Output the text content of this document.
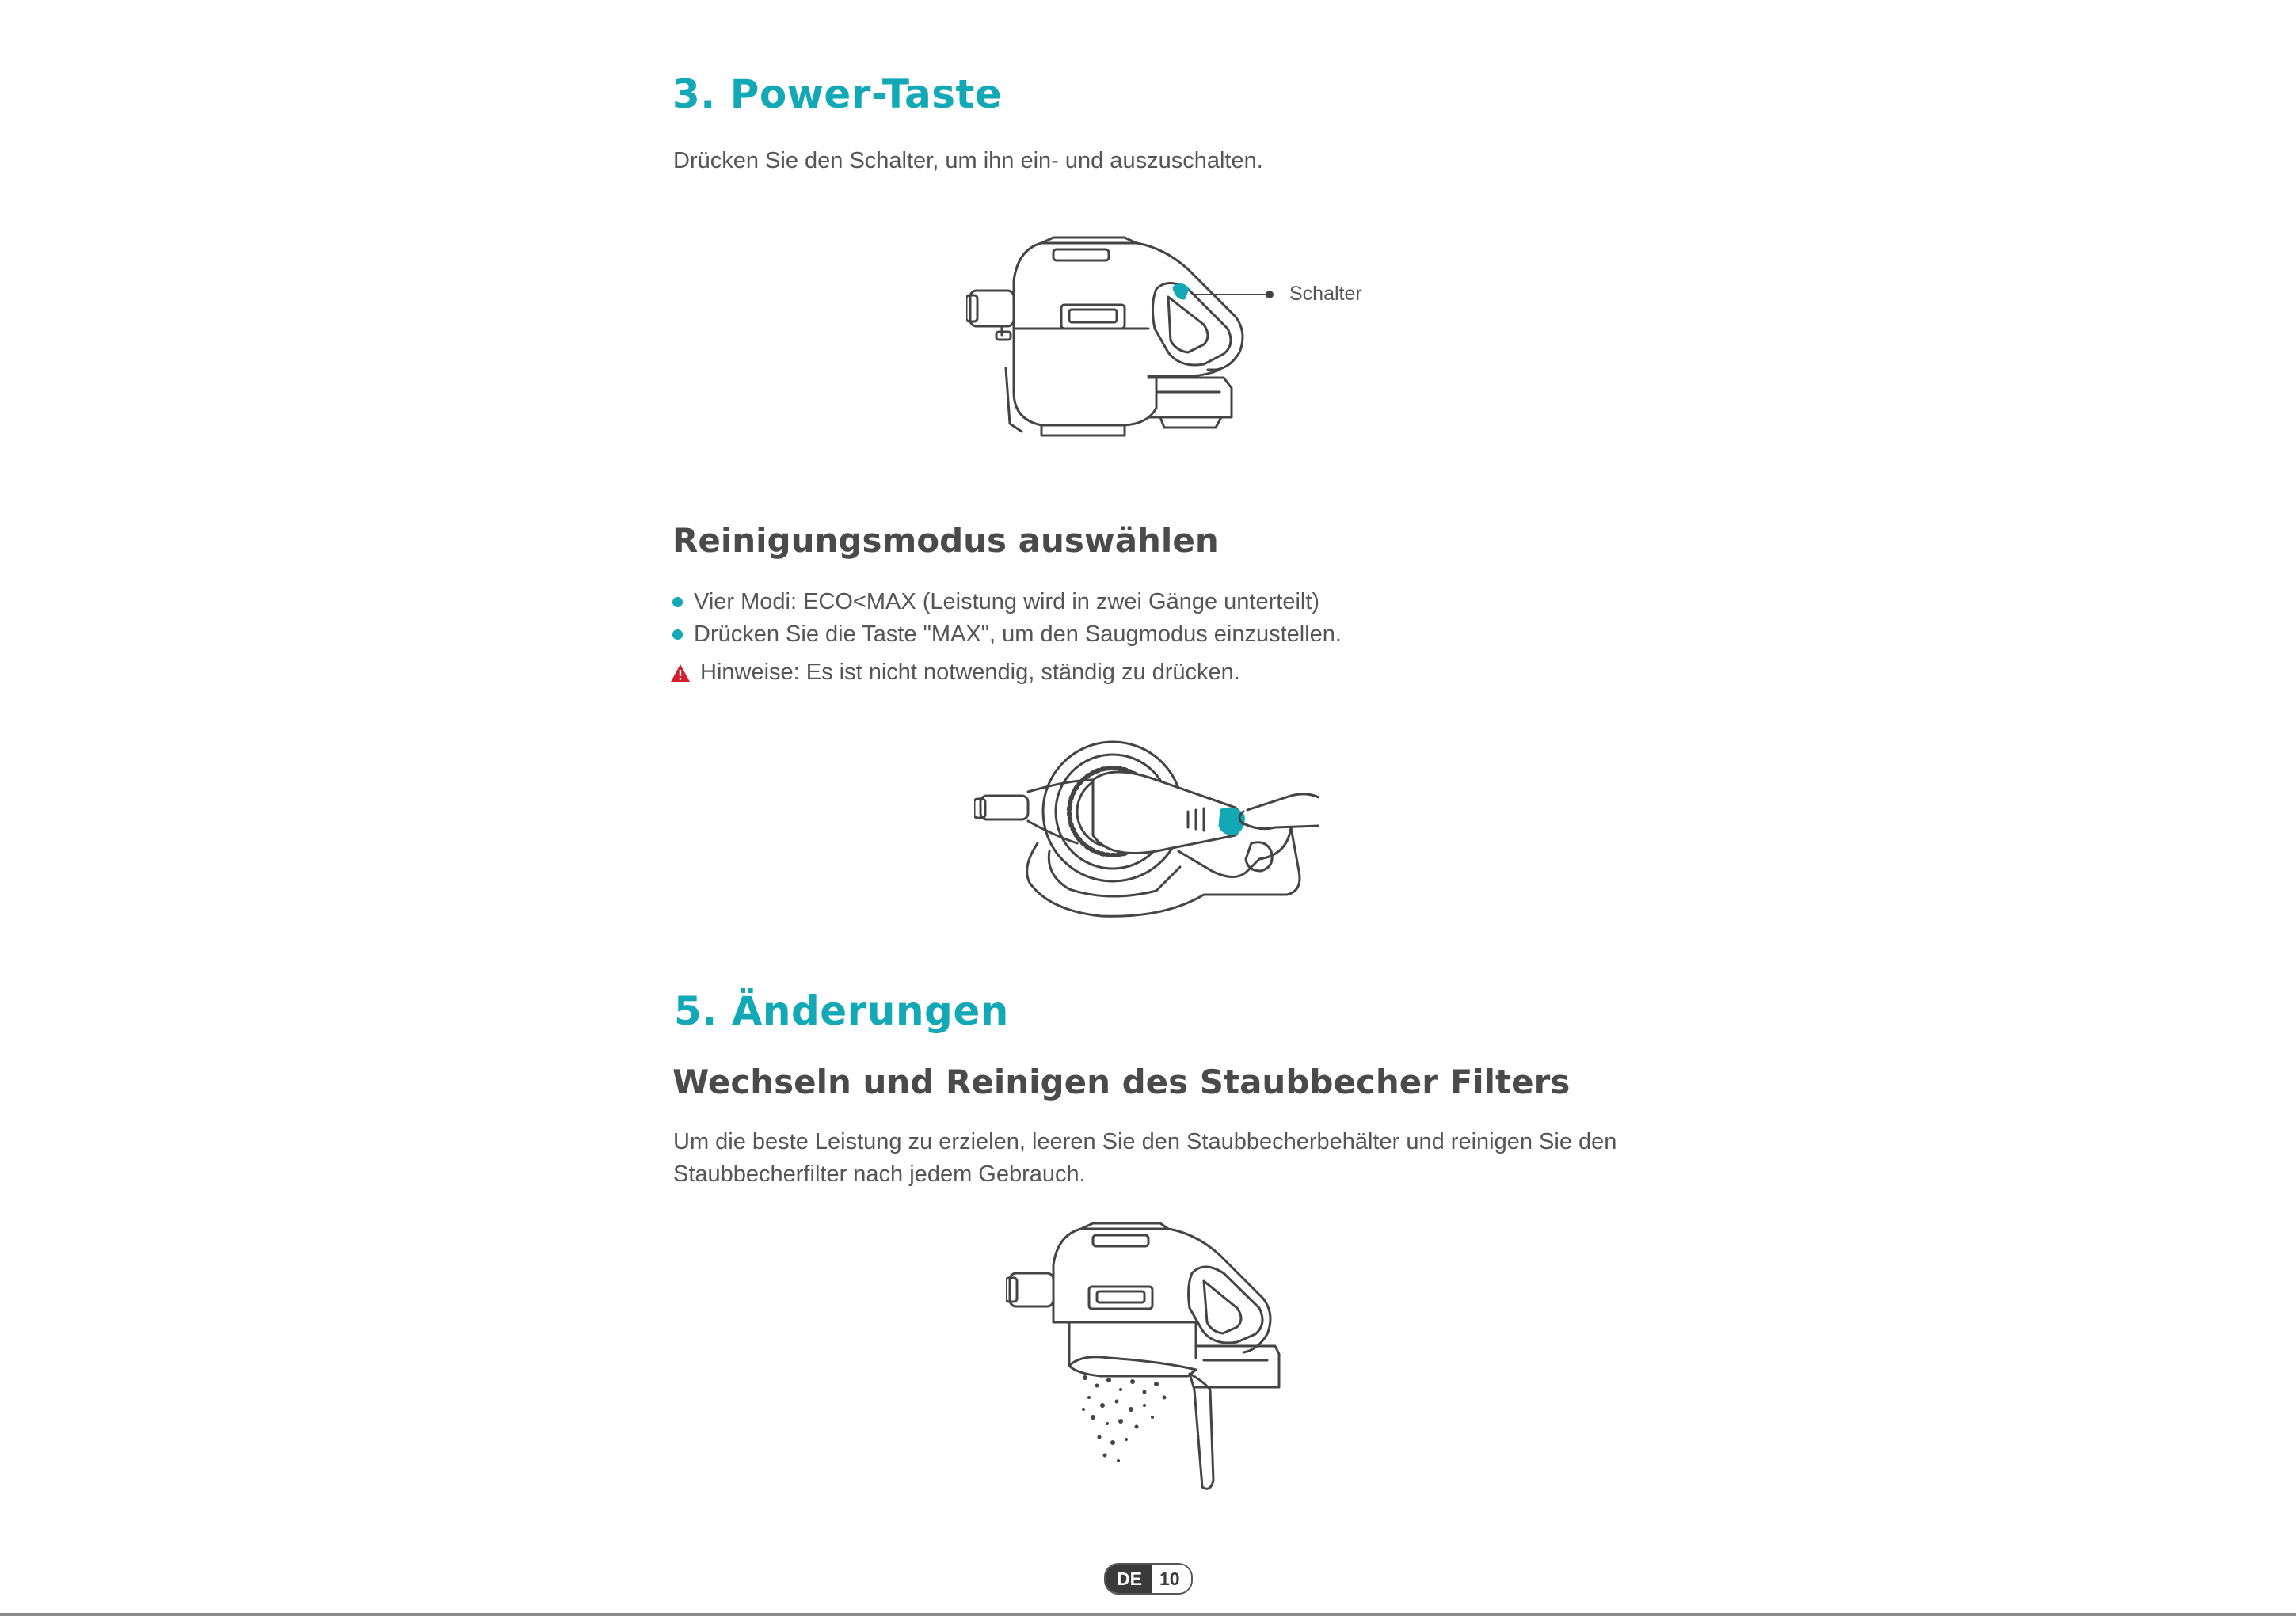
3. Power-Taste

Drücken Sie den Schalter, um ihn ein- und auszuschalten.

Schalter
Reinigungsmodus auswählen
Vier Modi: ECO<MAX (Leistung wird in zwei Gänge unterteilt)
Drücken Sie die Taste "MAX", um den Saugmodus einzustellen.
Hinweise: Es ist nicht notwendig, ständig zu drücken.
5. Änderungen
Wechseln und Reinigen des Staubbecher Filters

Um die beste Leistung zu erzielen, leeren Sie den Staubbecherbehälter und reinigen Sie den

Staubbecherfilter nach jedem Gebrauch.

DE 10
